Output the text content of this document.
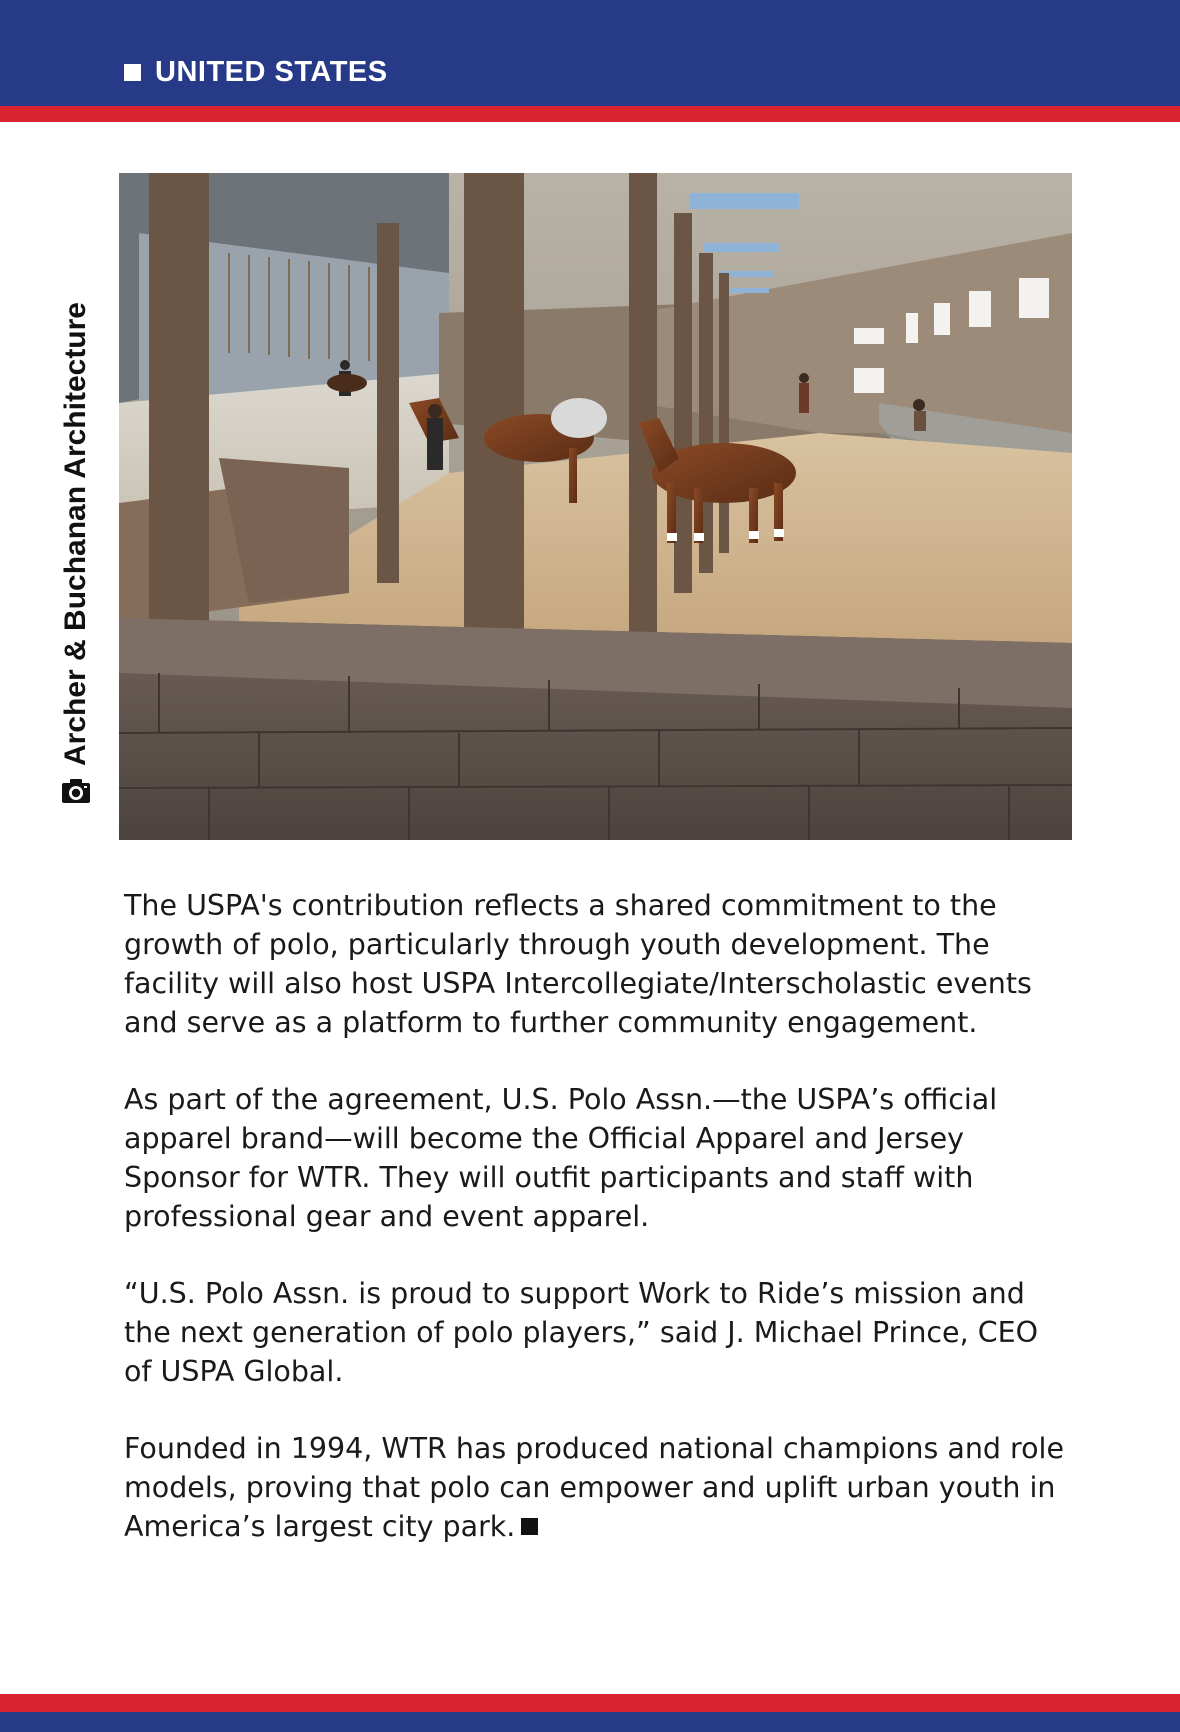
UNITED STATES
Archer & Buchanan Architecture

The USPA's contribution reflects a shared commitment to the growth of polo, particularly through youth development. The facility will also host USPA Intercollegiate/Interscholastic events and serve as a platform to further community engagement.

As part of the agreement, U.S. Polo Assn.—the USPA’s official apparel brand—will become the Official Apparel and Jersey Sponsor for WTR. They will outfit participants and staff with professional gear and event apparel.

“U.S. Polo Assn. is proud to support Work to Ride’s mission and the next generation of polo players,” said J. Michael Prince, CEO of USPA Global.

Founded in 1994, WTR has produced national champions and role models, proving that polo can empower and uplift urban youth in America’s largest city park.
